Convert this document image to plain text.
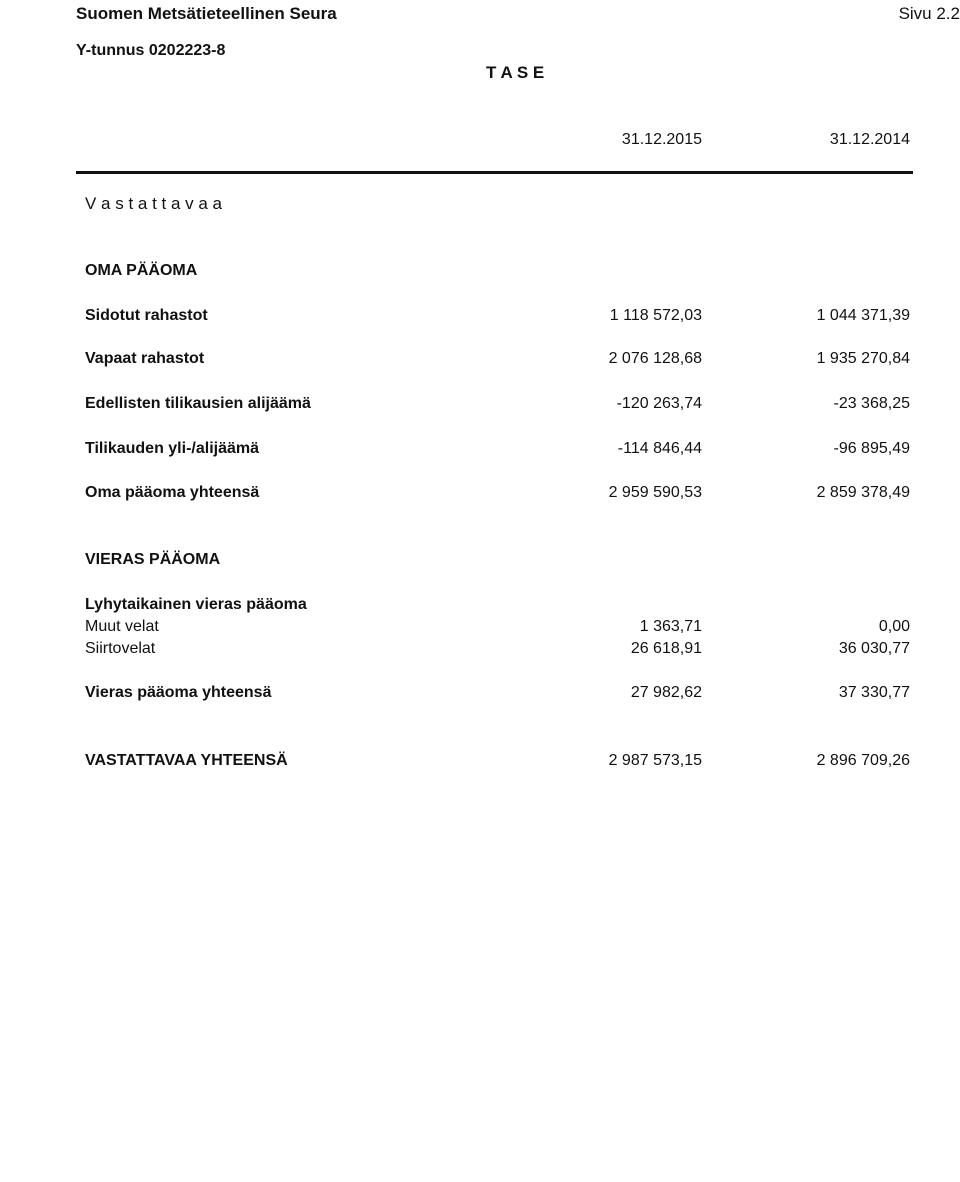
Suomen Metsätieteellinen Seura	Sivu 2.2
Y-tunnus 0202223-8
T A S E
31.12.2015	31.12.2014
V a s t a t t a v a a
OMA PÄÄOMA
Sidotut rahastot	1 118 572,03	1 044 371,39
Vapaat rahastot	2 076 128,68	1 935 270,84
Edellisten tilikausien alijäämä	-120 263,74	-23 368,25
Tilikauden yli-/alijäämä	-114 846,44	-96 895,49
Oma pääoma yhteensä	2 959 590,53	2 859 378,49
VIERAS PÄÄOMA
Lyhytaikainen vieras pääoma
Muut velat	1 363,71	0,00
Siirtovelat	26 618,91	36 030,77
Vieras pääoma yhteensä	27 982,62	37 330,77
VASTATTAVAA YHTEENSÄ	2 987 573,15	2 896 709,26
